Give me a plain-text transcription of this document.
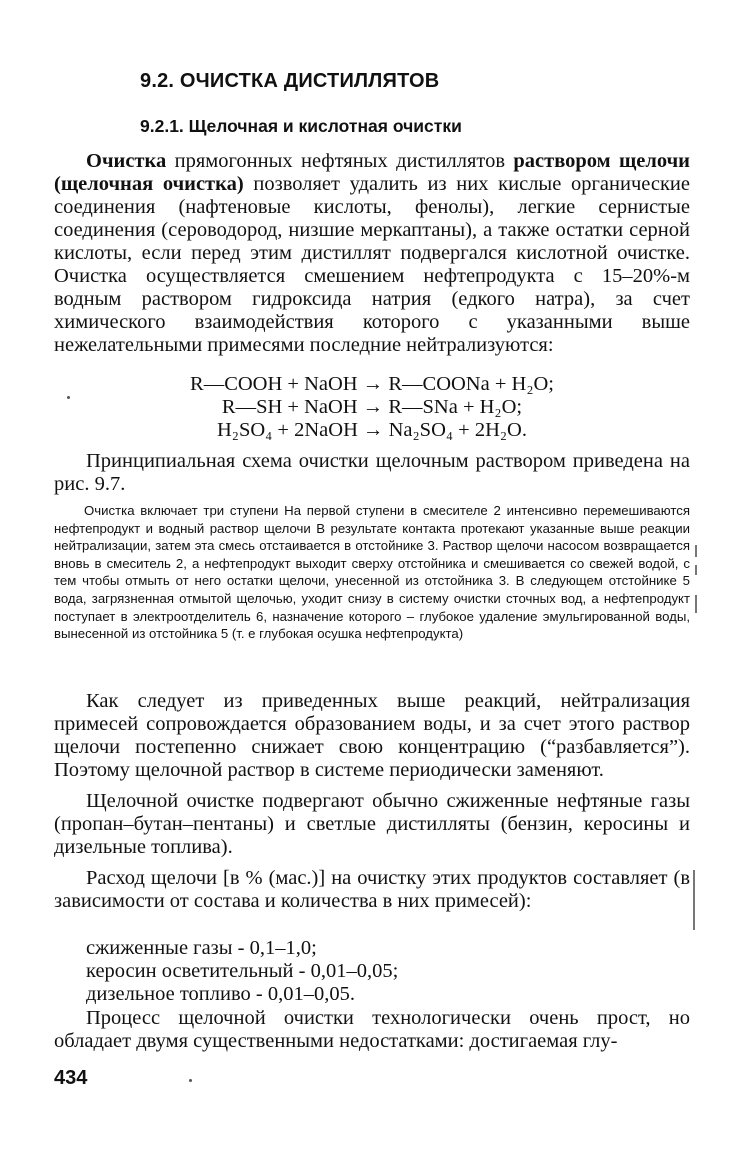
9.2. ОЧИСТКА ДИСТИЛЛЯТОВ
9.2.1. Щелочная и кислотная очистки

Очистка прямогонных нефтяных дистиллятов раствором щелочи (щелочная очистка) позволяет удалить из них кислые органические соединения (нафтеновые кислоты, фенолы), легкие сернистые соединения (сероводород, низшие меркаптаны), а также остатки серной кислоты, если перед этим дистиллят подвергался кислотной очистке. Очистка осуществляется смешением нефтепродукта с 15–20%-м водным раствором гидроксида натрия (едкого натра), за счет химического взаимодействия которого с указанными выше нежелательными примесями последние нейтрализуются:

R—COOH + NaOH → R—COONa + H₂O;

R—SH + NaOH → R—SNa + H₂O;

H₂SO₄ + 2NaOH → Na₂SO₄ + 2H₂O.

Принципиальная схема очистки щелочным раствором приведена на рис. 9.7.

Очистка включает три ступени На первой ступени в смесителе 2 интенсивно перемешиваются нефтепродукт и водный раствор щелочи В результате контакта протекают указанные выше реакции нейтрализации, затем эта смесь отстаивается в отстойнике 3. Раствор щелочи насосом возвращается вновь в смеситель 2, а нефтепродукт выходит сверху отстойника и смешивается со свежей водой, с тем чтобы отмыть от него остатки щелочи, унесенной из отстойника 3. В следующем отстойнике 5 вода, загрязненная отмытой щелочью, уходит снизу в систему очистки сточных вод, а нефтепродукт поступает в электроотделитель 6, назначение которого – глубокое удаление эмульгированной воды, вынесенной из отстойника 5 (т. е глубокая осушка нефтепродукта)

Как следует из приведенных выше реакций, нейтрализация примесей сопровождается образованием воды, и за счет этого раствор щелочи постепенно снижает свою концентрацию (“разбавляется”). Поэтому щелочной раствор в системе периодически заменяют.

Щелочной очистке подвергают обычно сжиженные нефтяные газы (пропан–бутан–пентаны) и светлые дистилляты (бензин, керосины и дизельные топлива).

Расход щелочи [в % (мас.)] на очистку этих продуктов составляет (в зависимости от состава и количества в них примесей):

сжиженные газы - 0,1–1,0;

керосин осветительный - 0,01–0,05;

дизельное топливо - 0,01–0,05.

Процесс щелочной очистки технологически очень прост, но обладает двумя существенными недостатками: достигаемая глу-

434
